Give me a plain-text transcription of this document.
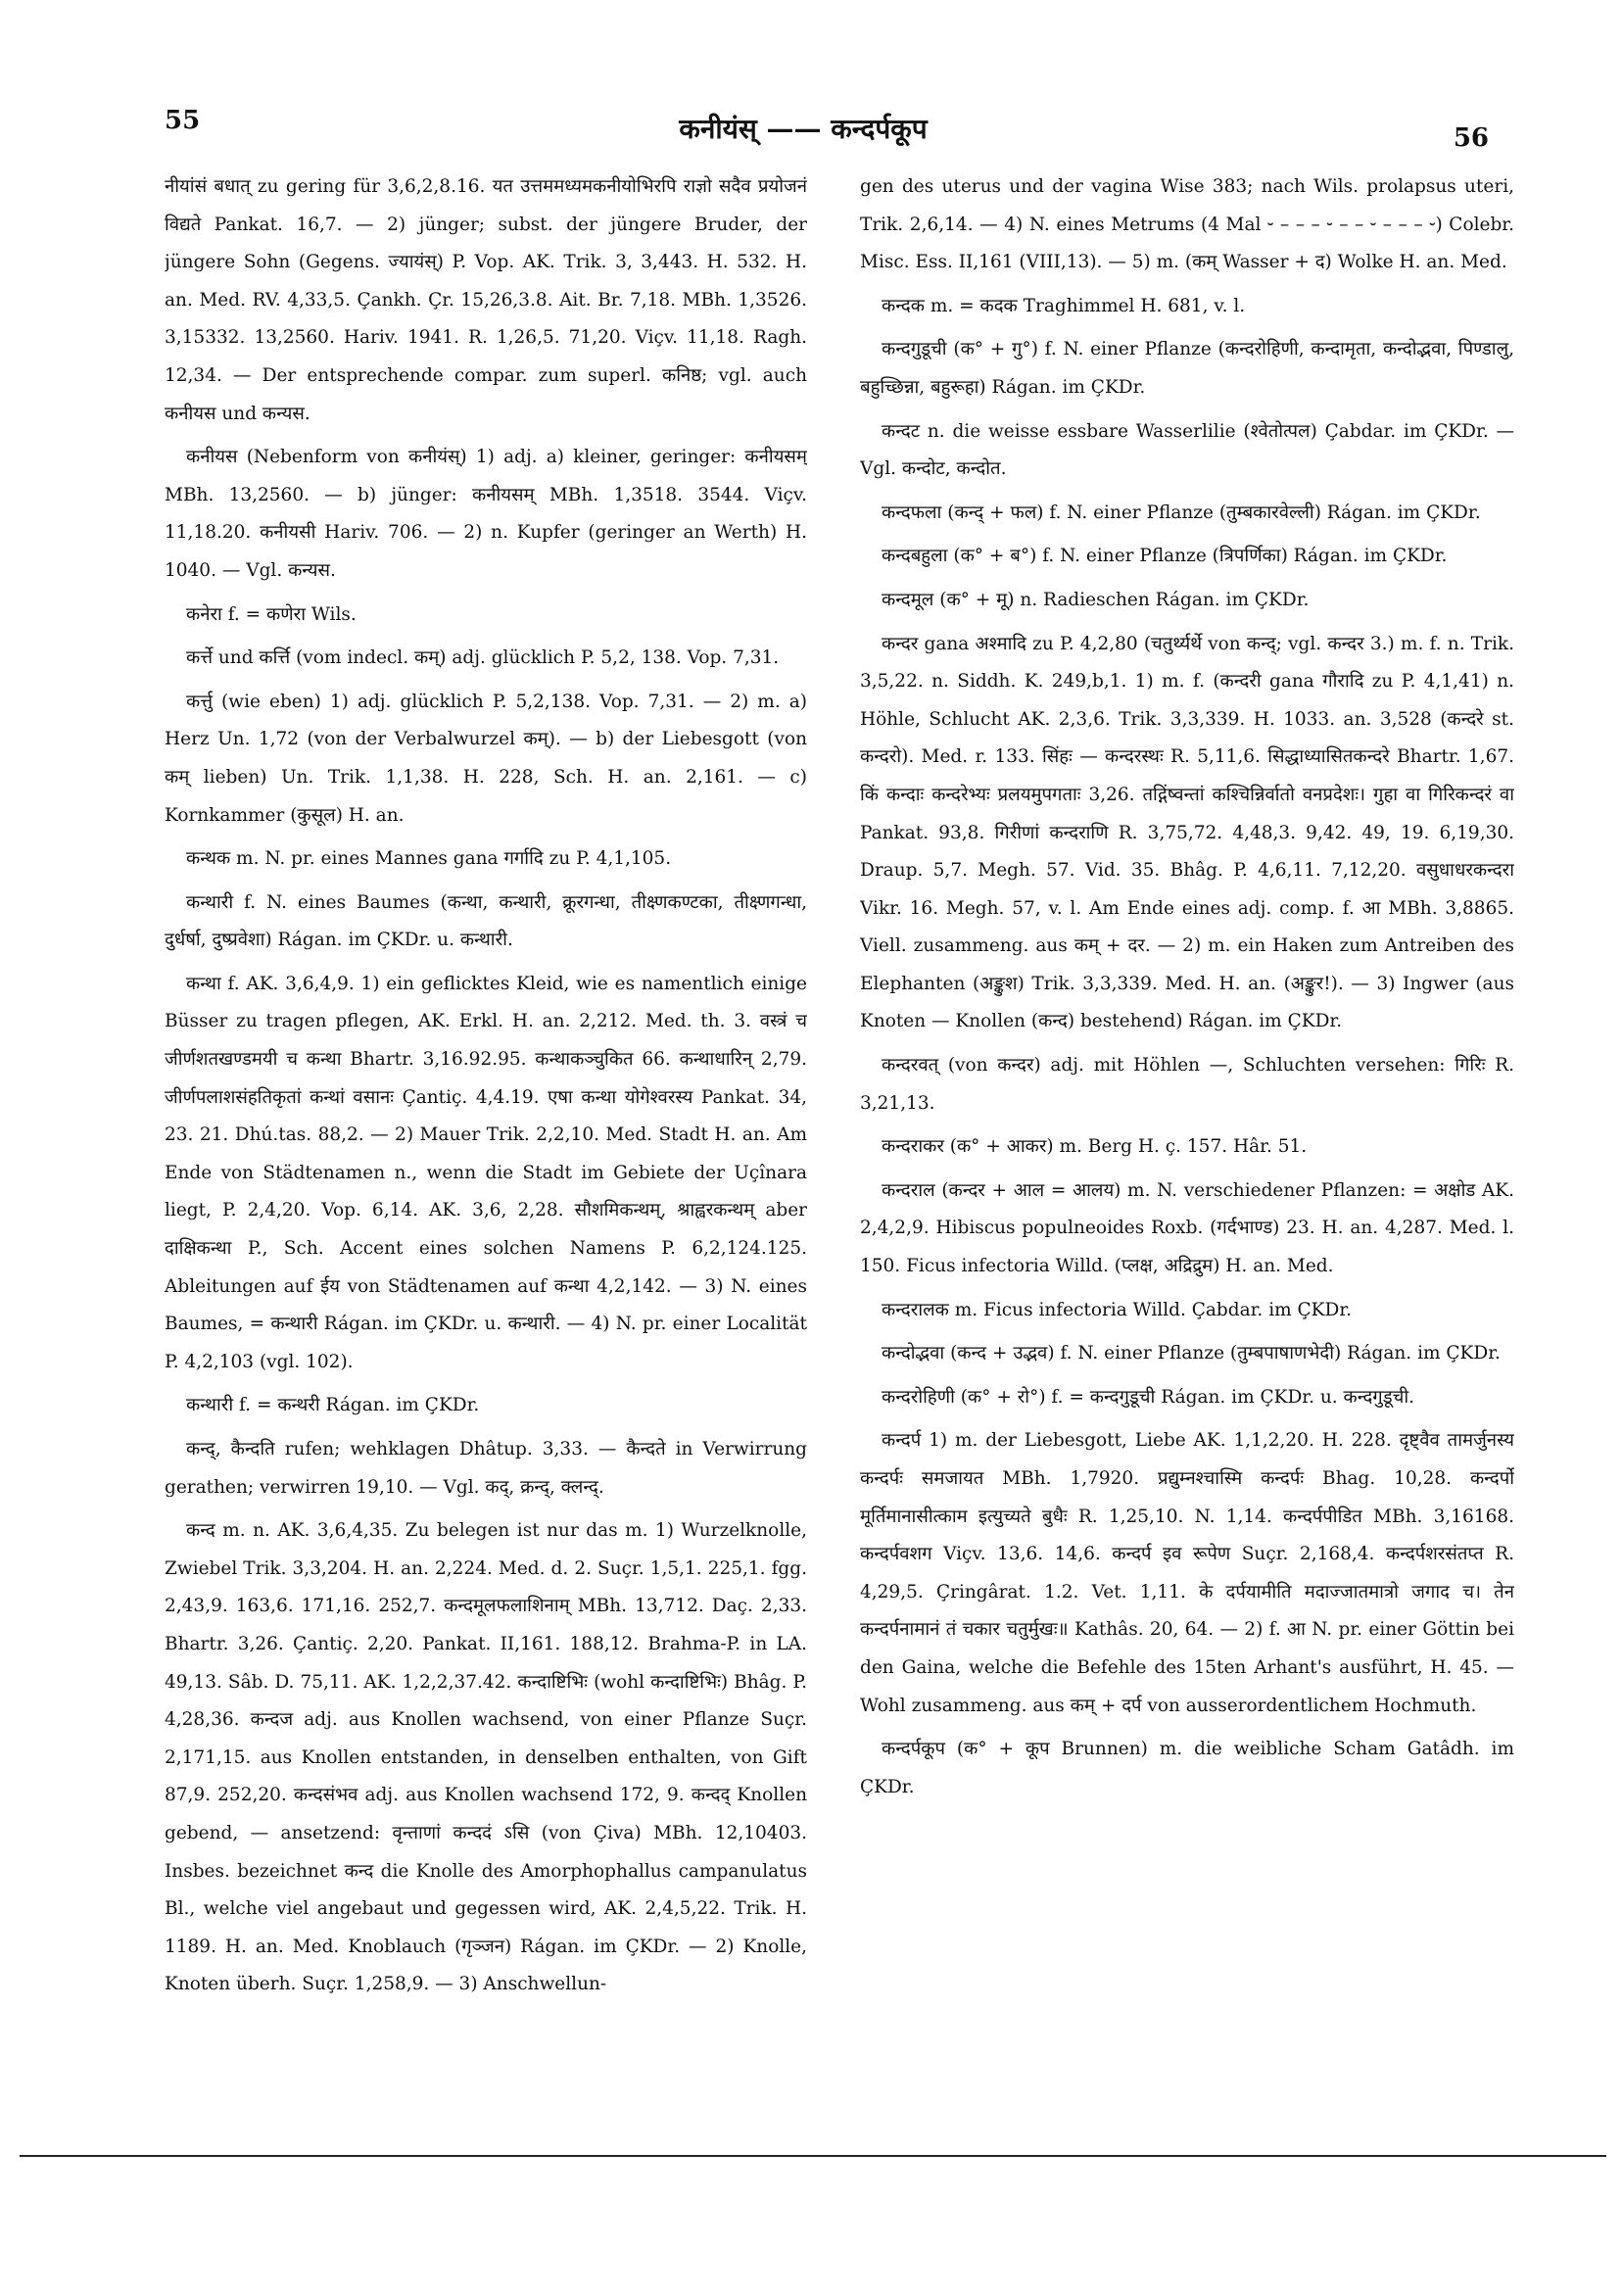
55	कनीयंस् —— कन्दर्पकूप	56

नीयांसं बधात् zu gering für 3,6,2,8.16. यत उत्तममध्यमकनीयोभिरपि राज्ञो सदैव प्रयोजनं विद्यते Pankat. 16,7. — 2) jünger; subst. der jüngere Bruder, der jüngere Sohn (Gegens. ज्यायंस्) P. Vop. AK. Trik. 3, 3,443. H. 532. H. an. Med. RV. 4,33,5. Çankh. Çr. 15,26,3.8. Ait. Br. 7,18. MBh. 1,3526. 3,15332. 13,2560. Hariv. 1941. R. 1,26,5. 71,20. Viçv. 11,18. Ragh. 12,34. — Der entsprechende compar. zum superl. कनिष्ठ; vgl. auch कनीयस und कन्यस.

कनीयस (Nebenform von कनीयंस्) 1) adj. a) kleiner, geringer: कनीयसम् MBh. 13,2560. — b) jünger: कनीयसम् MBh. 1,3518. 3544. Viçv. 11,18.20. कनीयसी Hariv. 706. — 2) n. Kupfer (geringer an Werth) H. 1040. — Vgl. कन्यस.

कनेरा f. = कणेरा Wils.

कर्त्ते und कर्त्ति (vom indecl. कम्) adj. glücklich P. 5,2, 138. Vop. 7,31.

कर्त्तु (wie eben) 1) adj. glücklich P. 5,2,138. Vop. 7,31. — 2) m. a) Herz Un. 1,72 (von der Verbalwurzel कम्). — b) der Liebesgott (von कम् lieben) Un. Trik. 1,1,38. H. 228, Sch. H. an. 2,161. — c) Kornkammer (कुसूल) H. an.

कन्थक m. N. pr. eines Mannes gana गर्गादि zu P. 4,1,105.

कन्थारी f. N. eines Baumes (कन्था, कन्थारी, क्रूरगन्धा, तीक्ष्णकण्टका, तीक्ष्णगन्धा, दुर्धर्षा, दुष्प्रवेशा) Rágan. im ÇKDr. u. कन्थारी.

कन्था f. AK. 3,6,4,9. 1) ein geflicktes Kleid, wie es namentlich einige Büsser zu tragen pflegen, AK. Erkl. H. an. 2,212. Med. th. 3. वस्त्रं च जीर्णशतखण्डमयी च कन्था Bhartr. 3,16.92.95. कन्थाकञ्चुकित 66. कन्थाधारिन् 2,79. जीर्णपलाशसंहतिकृतां कन्थां वसानः Çantiç. 4,4.19. एषा कन्था योगेश्वरस्य Pankat. 34, 23. 21. Dhú.tas. 88,2. — 2) Mauer Trik. 2,2,10. Med. Stadt H. an. Am Ende von Städtenamen n., wenn die Stadt im Gebiete der Uçînara liegt, P. 2,4,20. Vop. 6,14. AK. 3,6, 2,28. सौशमिकन्थम्, श्राह्वरकन्थम् aber दाक्षिकन्था P., Sch. Accent eines solchen Namens P. 6,2,124.125. Ableitungen auf ईय von Städtenamen auf कन्था 4,2,142. — 3) N. eines Baumes, = कन्थारी Rágan. im ÇKDr. u. कन्थारी. — 4) N. pr. einer Localität P. 4,2,103 (vgl. 102).

कन्थारी f. = कन्थरी Rágan. im ÇKDr.

कन्द्, कैन्दति rufen; wehklagen Dhâtup. 3,33. — कैन्दते in Verwirrung gerathen; verwirren 19,10. — Vgl. कद्, क्रन्द्, क्लन्द्.

कन्द m. n. AK. 3,6,4,35. Zu belegen ist nur das m. 1) Wurzelknolle, Zwiebel Trik. 3,3,204. H. an. 2,224. Med. d. 2. Suçr. 1,5,1. 225,1. fgg. 2,43,9. 163,6. 171,16. 252,7. कन्दमूलफलाशिनाम् MBh. 13,712. Daç. 2,33. Bhartr. 3,26. Çantiç. 2,20. Pankat. II,161. 188,12. Brahma-P. in LA. 49,13. Sâb. D. 75,11. AK. 1,2,2,37.42. कन्दाष्टिभिः (wohl कन्दाष्टिभिः) Bhâg. P. 4,28,36. कन्दज adj. aus Knollen wachsend, von einer Pflanze Suçr. 2,171,15. aus Knollen entstanden, in denselben enthalten, von Gift 87,9. 252,20. कन्दसंभव adj. aus Knollen wachsend 172, 9. कन्दद् Knollen gebend, — ansetzend: वृन्ताणां कन्ददं ऽसि (von Çiva) MBh. 12,10403. Insbes. bezeichnet कन्द die Knolle des Amorphophallus campanulatus Bl., welche viel angebaut und gegessen wird, AK. 2,4,5,22. Trik. H. 1189. H. an. Med. Knoblauch (गृञ्जन) Rágan. im ÇKDr. — 2) Knolle, Knoten überh. Suçr. 1,258,9. — 3) Anschwellun-

gen des uterus und der vagina Wise 383; nach Wils. prolapsus uteri, Trik. 2,6,14. — 4) N. eines Metrums (4 Mal ⏑ – – – ⏑ – – ⏑ – – – ⏑) Colebr. Misc. Ess. II,161 (VIII,13). — 5) m. (कम् Wasser + द) Wolke H. an. Med.

कन्दक m. = कदक Traghimmel H. 681, v. l.

कन्दगुडूची (क° + गु°) f. N. einer Pflanze (कन्दरोहिणी, कन्दामृता, कन्दोद्भवा, पिण्डालु, बहुच्छिन्ना, बहुरूहा) Rágan. im ÇKDr.

कन्दट n. die weisse essbare Wasserlilie (श्वेतोत्पल) Çabdar. im ÇKDr. — Vgl. कन्दोट, कन्दोत.

कन्दफला (कन्द् + फल) f. N. einer Pflanze (तुम्बकारवेल्ली) Rágan. im ÇKDr.

कन्दबहुला (क° + ब°) f. N. einer Pflanze (त्रिपर्णिका) Rágan. im ÇKDr.

कन्दमूल (क° + मू) n. Radieschen Rágan. im ÇKDr.

कन्दर gana अश्मादि zu P. 4,2,80 (चतुर्थ्यर्थे von कन्द्; vgl. कन्दर 3.) m. f. n. Trik. 3,5,22. n. Siddh. K. 249,b,1. 1) m. f. (कन्दरी gana गौरादि zu P. 4,1,41) n. Höhle, Schlucht AK. 2,3,6. Trik. 3,3,339. H. 1033. an. 3,528 (कन्दरे st. कन्दरो). Med. r. 133. सिंहः — कन्दरस्थः R. 5,11,6. सिद्धाध्यासितकन्दरे Bhartr. 1,67. किं कन्दाः कन्दरेभ्यः प्रलयमुपगताः 3,26. तद्गिंष्वन्तां कश्चिन्निर्वातो वनप्रदेशः। गुहा वा गिरिकन्दरं वा Pankat. 93,8. गिरीणां कन्दराणि R. 3,75,72. 4,48,3. 9,42. 49, 19. 6,19,30. Draup. 5,7. Megh. 57. Vid. 35. Bhâg. P. 4,6,11. 7,12,20. वसुधाधरकन्दरा Vikr. 16. Megh. 57, v. l. Am Ende eines adj. comp. f. आ MBh. 3,8865. Viell. zusammeng. aus कम् + दर. — 2) m. ein Haken zum Antreiben des Elephanten (अङ्कुश) Trik. 3,3,339. Med. H. an. (अङ्कुर!). — 3) Ingwer (aus Knoten — Knollen (कन्द) bestehend) Rágan. im ÇKDr.

कन्दरवत् (von कन्दर) adj. mit Höhlen —, Schluchten versehen: गिरिः R. 3,21,13.

कन्दराकर (क° + आकर) m. Berg H. ç. 157. Hâr. 51.

कन्दराल (कन्दर + आल = आलय) m. N. verschiedener Pflanzen: = अक्षोड AK. 2,4,2,9. Hibiscus populneoides Roxb. (गर्दभाण्ड) 23. H. an. 4,287. Med. l. 150. Ficus infectoria Willd. (प्लक्ष, अद्रिद्रुम) H. an. Med.

कन्दरालक m. Ficus infectoria Willd. Çabdar. im ÇKDr.

कन्दोद्भवा (कन्द + उद्भव) f. N. einer Pflanze (तुम्बपाषाणभेदी) Rágan. im ÇKDr.

कन्दरोहिणी (क° + रो°) f. = कन्दगुडूची Rágan. im ÇKDr. u. कन्दगुडूची.

कन्दर्प 1) m. der Liebesgott, Liebe AK. 1,1,2,20. H. 228. दृष्ट्वैव तामर्जुनस्य कन्दर्पः समजायत MBh. 1,7920. प्रद्युम्नश्चास्मि कन्दर्पः Bhag. 10,28. कन्दर्पो मूर्तिमानासीत्काम इत्युच्यते बुधैः R. 1,25,10. N. 1,14. कन्दर्पपीडित MBh. 3,16168. कन्दर्पवशग Viçv. 13,6. 14,6. कन्दर्प इव रूपेण Suçr. 2,168,4. कन्दर्पशरसंतप्त R. 4,29,5. Çringârat. 1.2. Vet. 1,11. के दर्पयामीति मदाज्जातमात्रो जगाद च। तेन कन्दर्पनामानं तं चकार चतुर्मुखः॥ Kathâs. 20, 64. — 2) f. आ N. pr. einer Göttin bei den Gaina, welche die Befehle des 15ten Arhant's ausführt, H. 45. — Wohl zusammeng. aus कम् + दर्प von ausserordentlichem Hochmuth.

कन्दर्पकूप (क° + कूप Brunnen) m. die weibliche Scham Gatâdh. im ÇKDr.
